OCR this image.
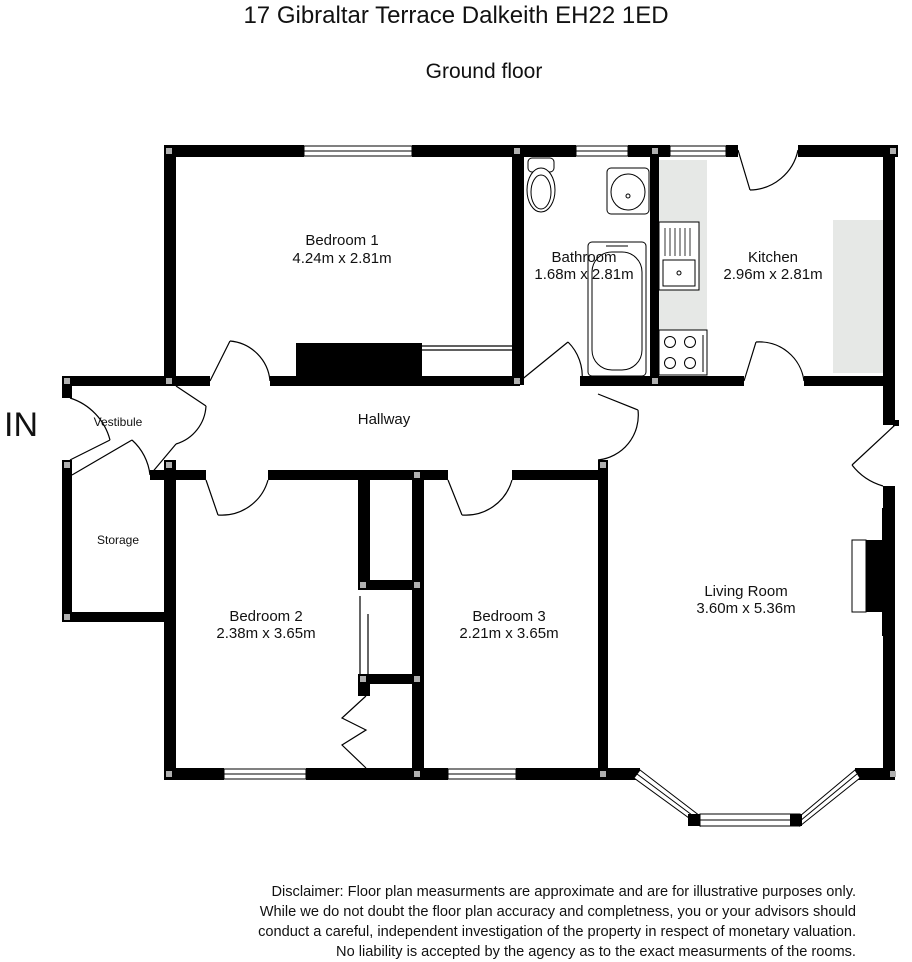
17 Gibraltar Terrace Dalkeith EH22 1ED
Ground floor
IN
Bedroom 1
4.24m x 2.81m	Bathroom
1.68m x 2.81m
Kitchen
2.96m x 2.81m
Hallway
Vestibule
Storage
Bedroom 2
2.38m x 3.65m
Bedroom 3
2.21m x 3.65m
Living Room
3.60m x 5.36m
Disclaimer: Floor plan measurments are approximate and are for illustrative purposes only.
While we do not doubt the floor plan accuracy and completness, you or your advisors should
conduct a careful, independent investigation of the property in respect of monetary valuation.
No liability is accepted by the agency as to the exact measurments of the rooms.
